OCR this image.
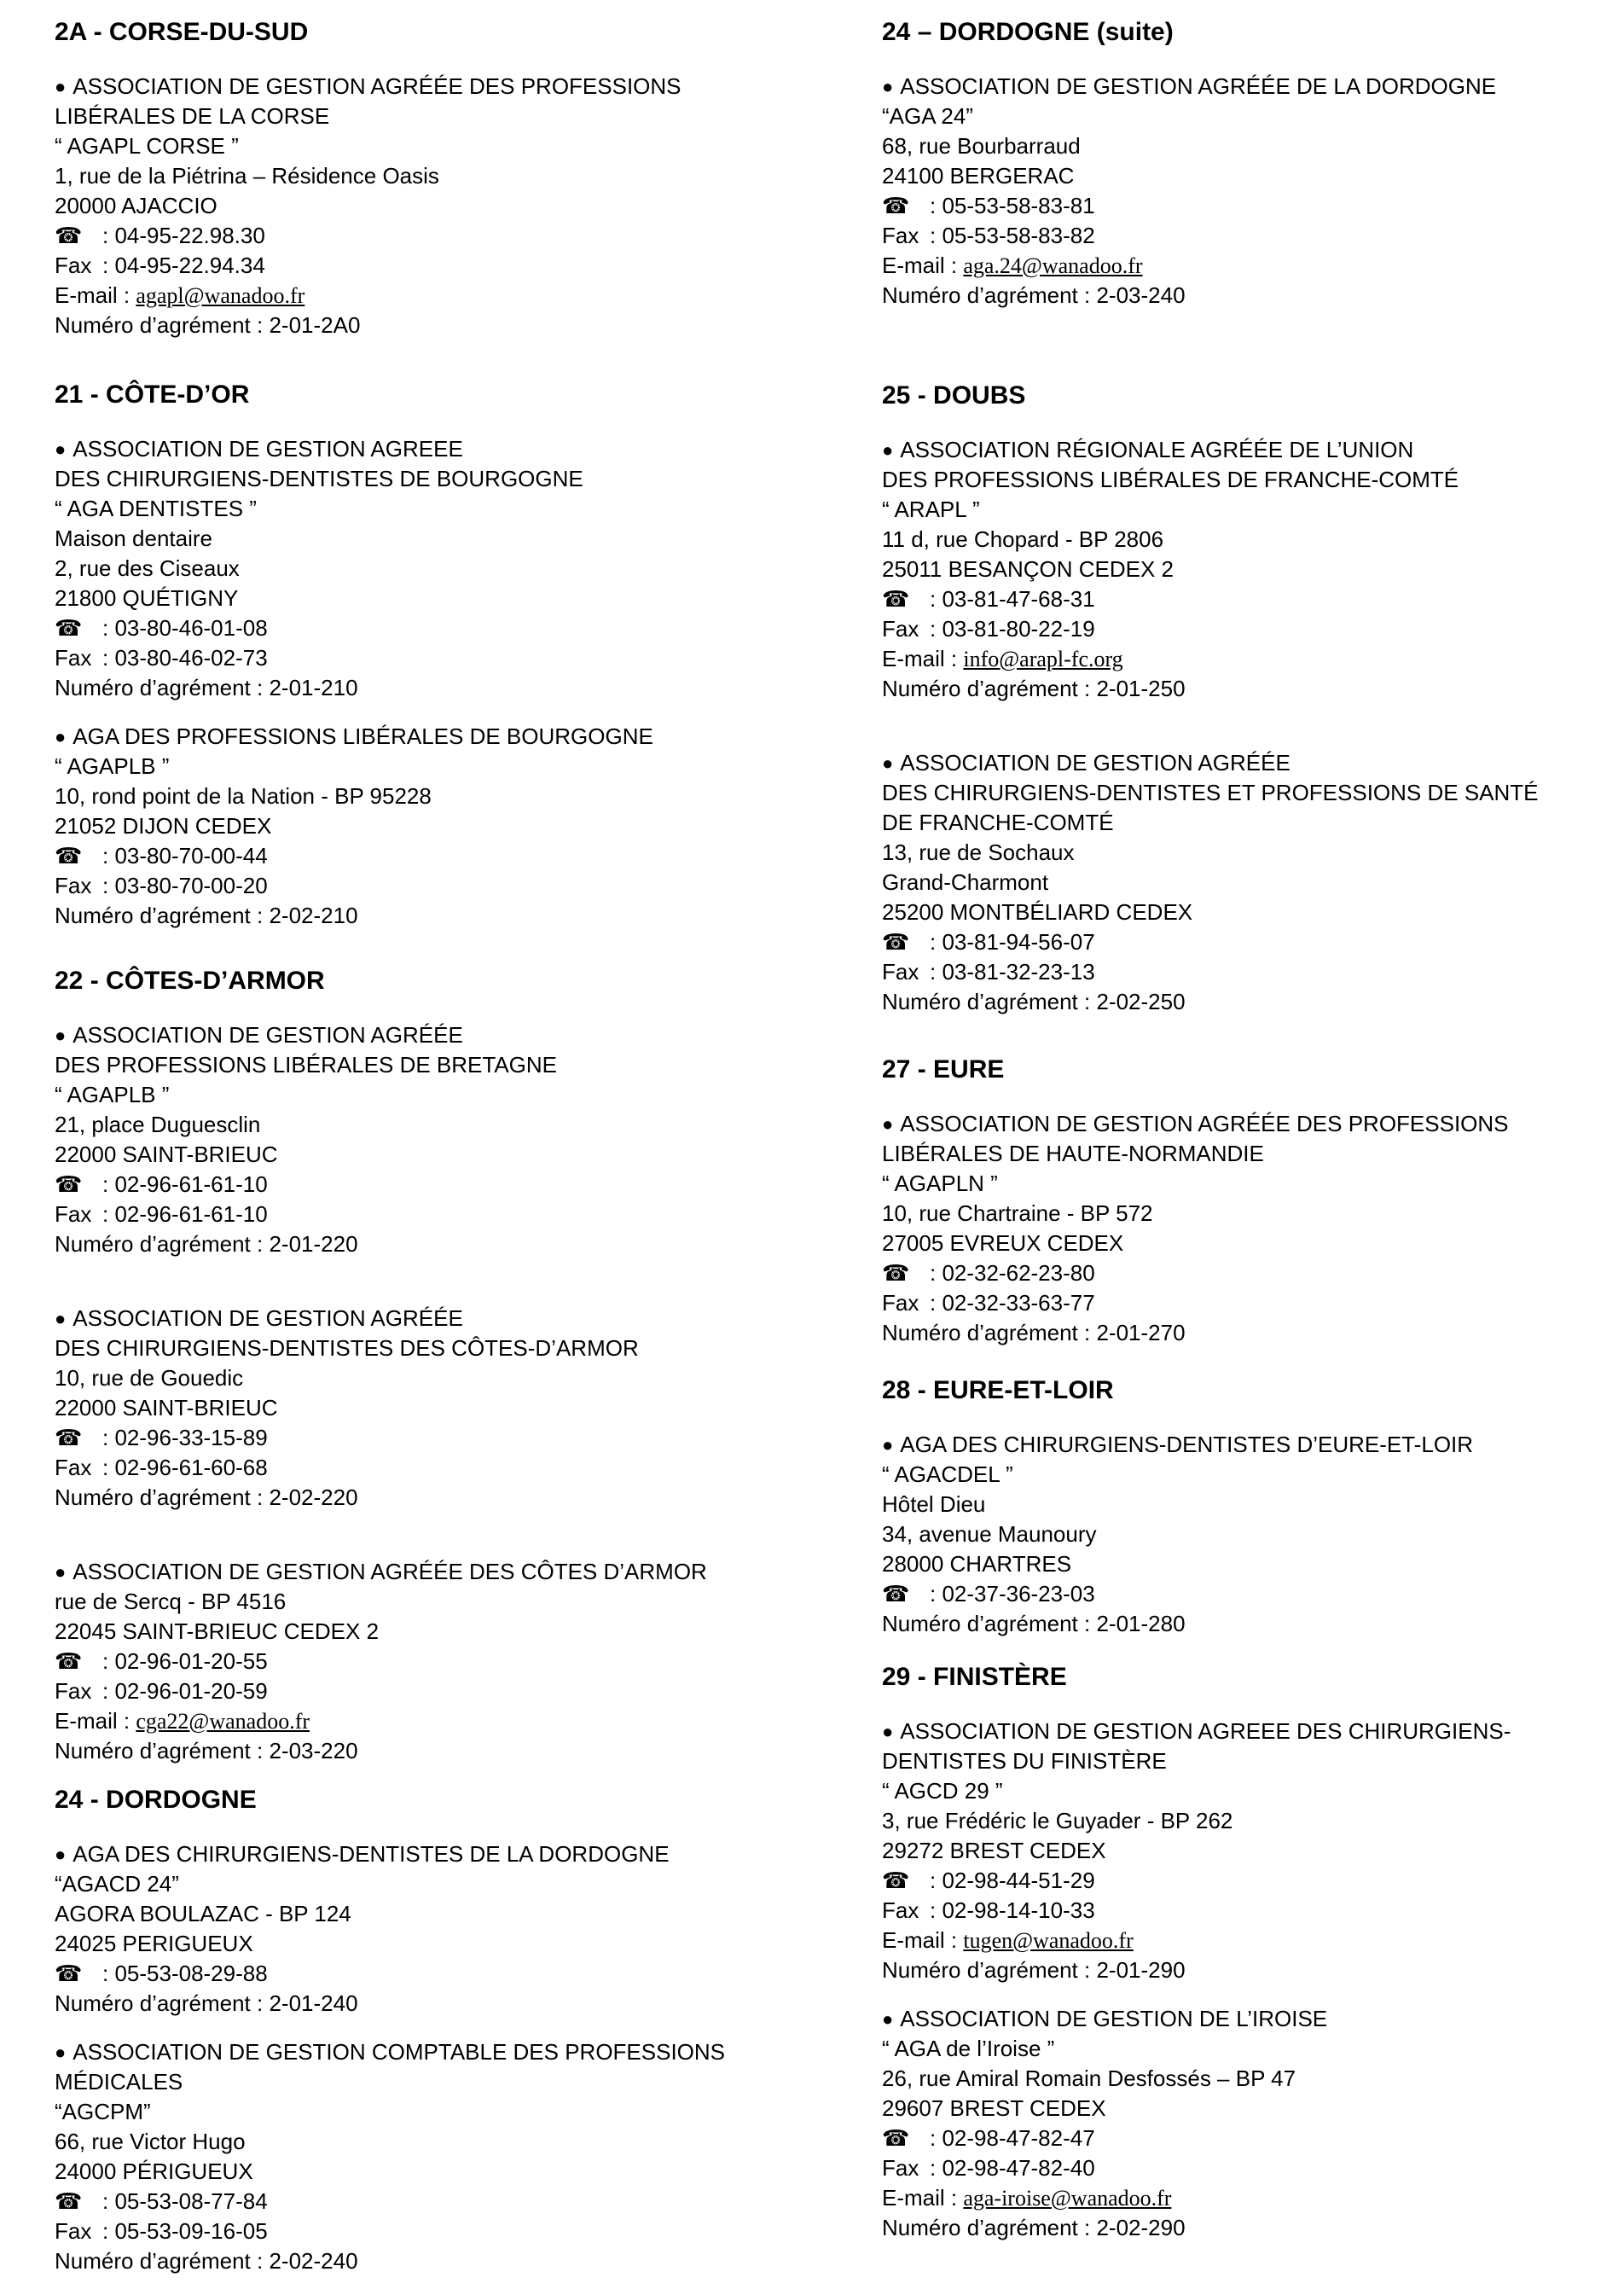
2A - CORSE-DU-SUD
● ASSOCIATION DE GESTION AGRÉÉE DES PROFESSIONS
LIBÉRALES DE LA CORSE
“ AGAPL CORSE ”
1, rue de la Piétrina – Résidence Oasis
20000 AJACCIO
☎ : 04-95-22.98.30
Fax : 04-95-22.94.34
E-mail : agapl@wanadoo.fr
Numéro d’agrément : 2-01-2A0
21 - CÔTE-D’OR
● ASSOCIATION DE GESTION AGREEE
DES CHIRURGIENS-DENTISTES DE BOURGOGNE
“ AGA DENTISTES ”
Maison dentaire
2, rue des Ciseaux
21800 QUÉTIGNY
☎ : 03-80-46-01-08
Fax : 03-80-46-02-73
Numéro d’agrément : 2-01-210
● AGA DES PROFESSIONS LIBÉRALES DE BOURGOGNE
“ AGAPLB ”
10, rond point de la Nation - BP 95228
21052 DIJON CEDEX
☎ : 03-80-70-00-44
Fax : 03-80-70-00-20
Numéro d’agrément : 2-02-210
22 - CÔTES-D’ARMOR
● ASSOCIATION DE GESTION AGRÉÉE
DES PROFESSIONS LIBÉRALES DE BRETAGNE
“ AGAPLB ”
21, place Duguesclin
22000 SAINT-BRIEUC
☎ : 02-96-61-61-10
Fax : 02-96-61-61-10
Numéro d’agrément : 2-01-220
● ASSOCIATION DE GESTION AGRÉÉE
DES CHIRURGIENS-DENTISTES DES CÔTES-D’ARMOR
10, rue de Gouedic
22000 SAINT-BRIEUC
☎ : 02-96-33-15-89
Fax : 02-96-61-60-68
Numéro d’agrément : 2-02-220
● ASSOCIATION DE GESTION AGRÉÉE DES CÔTES D’ARMOR
rue de Sercq - BP 4516
22045 SAINT-BRIEUC CEDEX 2
☎ : 02-96-01-20-55
Fax : 02-96-01-20-59
E-mail : cga22@wanadoo.fr
Numéro d’agrément : 2-03-220
24 - DORDOGNE
● AGA DES CHIRURGIENS-DENTISTES DE LA DORDOGNE
“AGACD 24”
AGORA BOULAZAC - BP 124
24025 PERIGUEUX
☎ : 05-53-08-29-88
Numéro d’agrément : 2-01-240
● ASSOCIATION DE GESTION COMPTABLE DES PROFESSIONS
MÉDICALES
“AGCPM”
66, rue Victor Hugo
24000 PÉRIGUEUX
☎ : 05-53-08-77-84
Fax : 05-53-09-16-05
Numéro d’agrément : 2-02-240
24 – DORDOGNE (suite)
● ASSOCIATION DE GESTION AGRÉÉE DE LA DORDOGNE
“AGA 24”
68, rue Bourbarraud
24100 BERGERAC
☎ : 05-53-58-83-81
Fax : 05-53-58-83-82
E-mail : aga.24@wanadoo.fr
Numéro d’agrément : 2-03-240
25 - DOUBS
● ASSOCIATION RÉGIONALE AGRÉÉE DE L’UNION
DES PROFESSIONS LIBÉRALES DE FRANCHE-COMTÉ
“ ARAPL ”
11 d, rue Chopard - BP 2806
25011 BESANÇON CEDEX 2
☎ : 03-81-47-68-31
Fax : 03-81-80-22-19
E-mail : info@arapl-fc.org
Numéro d’agrément : 2-01-250
● ASSOCIATION DE GESTION AGRÉÉE
DES CHIRURGIENS-DENTISTES ET PROFESSIONS DE SANTÉ
DE FRANCHE-COMTÉ
13, rue de Sochaux
Grand-Charmont
25200 MONTBÉLIARD CEDEX
☎ : 03-81-94-56-07
Fax : 03-81-32-23-13
Numéro d’agrément : 2-02-250
27 - EURE
● ASSOCIATION DE GESTION AGRÉÉE DES PROFESSIONS
LIBÉRALES DE HAUTE-NORMANDIE
“ AGAPLN ”
10, rue Chartraine - BP 572
27005 EVREUX CEDEX
☎ : 02-32-62-23-80
Fax : 02-32-33-63-77
Numéro d’agrément : 2-01-270
28 - EURE-ET-LOIR
● AGA DES CHIRURGIENS-DENTISTES D’EURE-ET-LOIR
“ AGACDEL ”
Hôtel Dieu
34, avenue Maunoury
28000 CHARTRES
☎ : 02-37-36-23-03
Numéro d’agrément : 2-01-280
29 - FINISTÈRE
● ASSOCIATION DE GESTION AGREEE DES CHIRURGIENS-
DENTISTES DU FINISTÈRE
“ AGCD 29 ”
3, rue Frédéric le Guyader - BP 262
29272 BREST CEDEX
☎ : 02-98-44-51-29
Fax : 02-98-14-10-33
E-mail : tugen@wanadoo.fr
Numéro d’agrément : 2-01-290
● ASSOCIATION DE GESTION DE L’IROISE
“ AGA de l’Iroise ”
26, rue Amiral Romain Desfossés – BP 47
29607 BREST CEDEX
☎ : 02-98-47-82-47
Fax : 02-98-47-82-40
E-mail : aga-iroise@wanadoo.fr
Numéro d’agrément : 2-02-290
